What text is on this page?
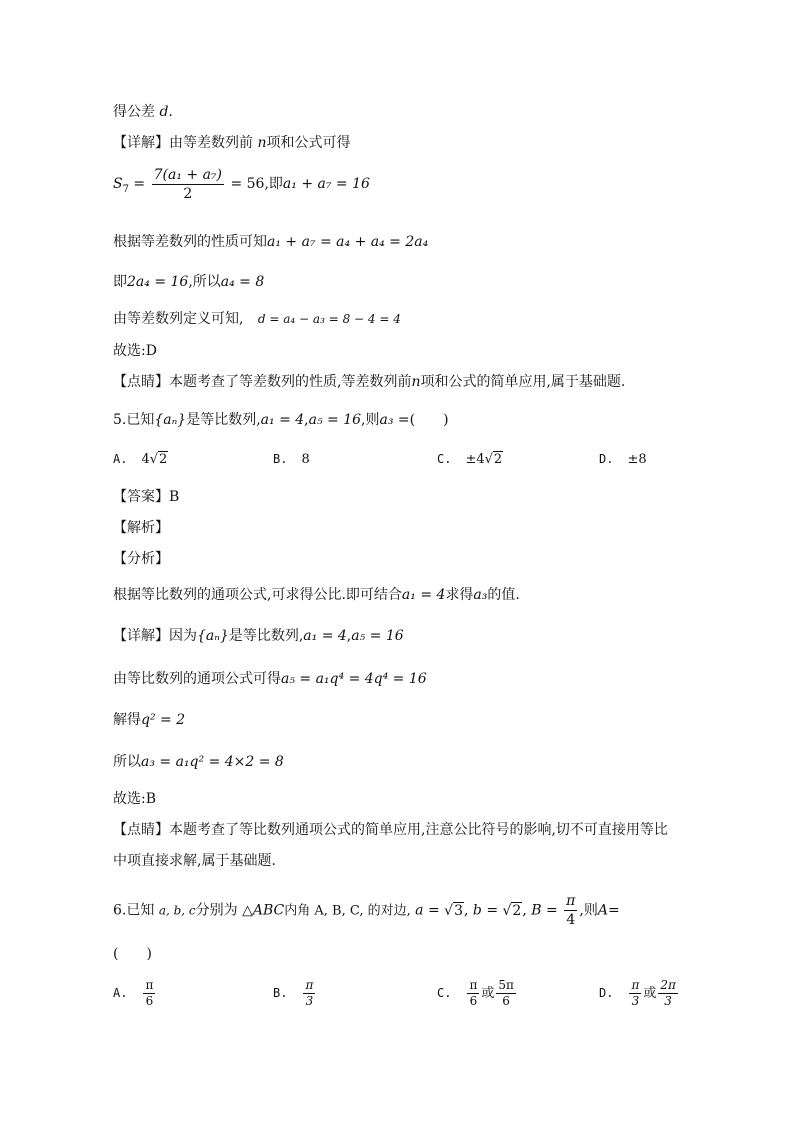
得公差 d.
【详解】由等差数列前 n项和公式可得
$S_7 = \frac{\text{7(a₁ + a₇)}}{2} = 56$,即a₁ + a₇ = 16
根据等差数列的性质可知a₁ + a₇ = a₄ + a₄ = 2a₄
即2a₄ = 16,所以a₄ = 8
由等差数列定义可知, d = a₄ − a₃ = 8 − 4 = 4
故选:D
【点睛】本题考查了等差数列的性质,等差数列前n项和公式的简单应用,属于基础题.
5.已知{aₙ}是等比数列,a₁ = 4,a₅ = 16,则a₃ =(　　)
A. 4√2	B. 8	C. ±4√2	D. ±8
【答案】B
【解析】
【分析】
根据等比数列的通项公式,可求得公比.即可结合a₁ = 4求得a₃的值.
【详解】因为{aₙ}是等比数列,a₁ = 4,a₅ = 16
由等比数列的通项公式可得a₅ = a₁q⁴ = 4q⁴ = 16
解得q² = 2
所以a₃ = a₁q² = 4×2 = 8
故选:B
【点睛】本题考查了等比数列通项公式的简单应用,注意公比符号的影响,切不可直接用等比
中项直接求解,属于基础题.
6.已知 a, b, c分别为 △ABC内角 A, B, C, 的对边, a = √3, b = √2, $B = \frac{\pi}{4}$ ,则A=
(　　)
A. $\frac{\pi}{6}$	B. $\frac{\pi}{3}$	C. $\frac{\pi}{6}$ 或 $\frac{5\pi}{6}$	D. $\frac{\pi}{3}$ 或 $\frac{2\pi}{3}$
